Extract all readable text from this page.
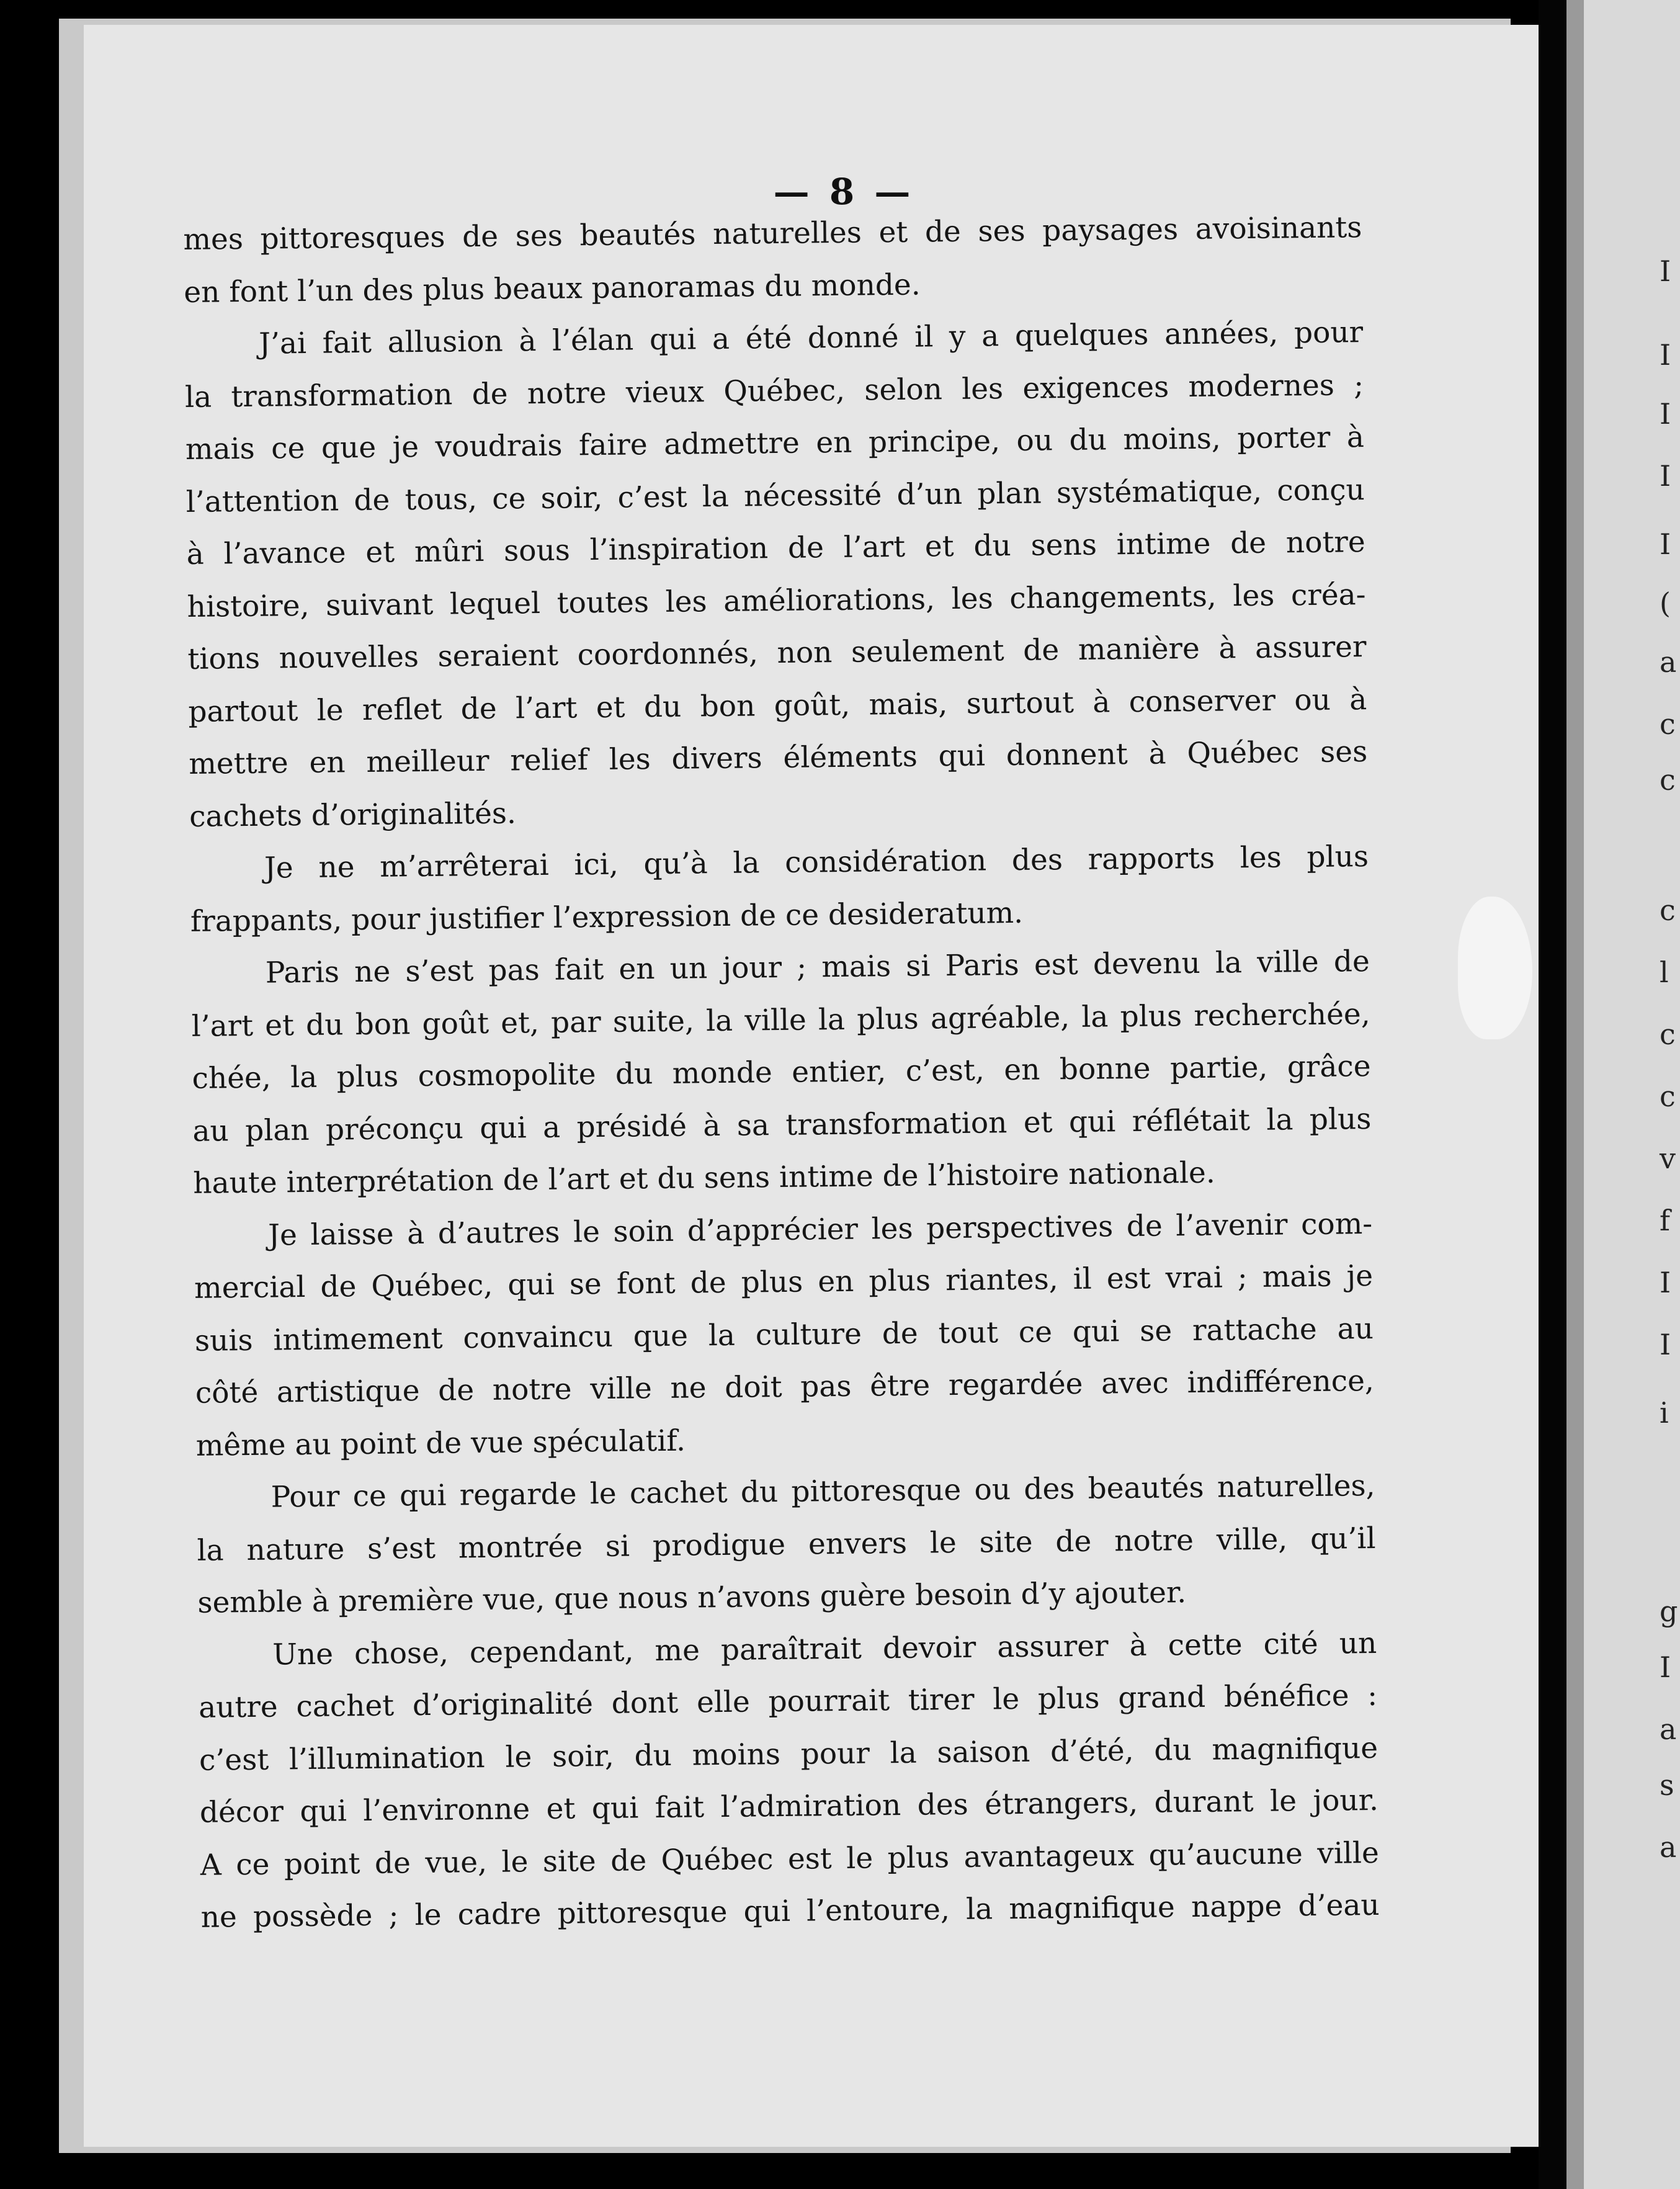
— 8 —
mes pittoresques de ses beautés naturelles et de ses paysages avoisinants
en font l’un des plus beaux panoramas du monde.
J’ai fait allusion à l’élan qui a été donné il y a quelques années, pour
la transformation de notre vieux Québec, selon les exigences modernes ;
mais ce que je voudrais faire admettre en principe, ou du moins, porter à
l’attention de tous, ce soir, c’est la nécessité d’un plan systématique, conçu
à l’avance et mûri sous l’inspiration de l’art et du sens intime de notre
histoire, suivant lequel toutes les améliorations, les changements, les créa-
tions nouvelles seraient coordonnés, non seulement de manière à assurer
partout le reflet de l’art et du bon goût, mais, surtout à conserver ou à
mettre en meilleur relief les divers éléments qui donnent à Québec ses
cachets d’originalités.
Je ne m’arrêterai ici, qu’à la considération des rapports les plus
frappants, pour justifier l’expression de ce desideratum.
Paris ne s’est pas fait en un jour ; mais si Paris est devenu la ville de
l’art et du bon goût et, par suite, la ville la plus agréable, la plus recherchée,
chée, la plus cosmopolite du monde entier, c’est, en bonne partie, grâce
au plan préconçu qui a présidé à sa transformation et qui réflétait la plus
haute interprétation de l’art et du sens intime de l’histoire nationale.
Je laisse à d’autres le soin d’apprécier les perspectives de l’avenir com-
mercial de Québec, qui se font de plus en plus riantes, il est vrai ; mais je
suis intimement convaincu que la culture de tout ce qui se rattache au
côté artistique de notre ville ne doit pas être regardée avec indifférence,
même au point de vue spéculatif.
Pour ce qui regarde le cachet du pittoresque ou des beautés naturelles,
la nature s’est montrée si prodigue envers le site de notre ville, qu’il
semble à première vue, que nous n’avons guère besoin d’y ajouter.
Une chose, cependant, me paraîtrait devoir assurer à cette cité un
autre cachet d’originalité dont elle pourrait tirer le plus grand bénéfice :
c’est l’illumination le soir, du moins pour la saison d’été, du magnifique
décor qui l’environne et qui fait l’admiration des étrangers, durant le jour.
A ce point de vue, le site de Québec est le plus avantageux qu’aucune ville
ne possède ; le cadre pittoresque qui l’entoure, la magnifique nappe d’eau
I
I
I
I
I
(
a
c
c
c
l
c
c
v
f
I
I
i
g
I
a
s
a
